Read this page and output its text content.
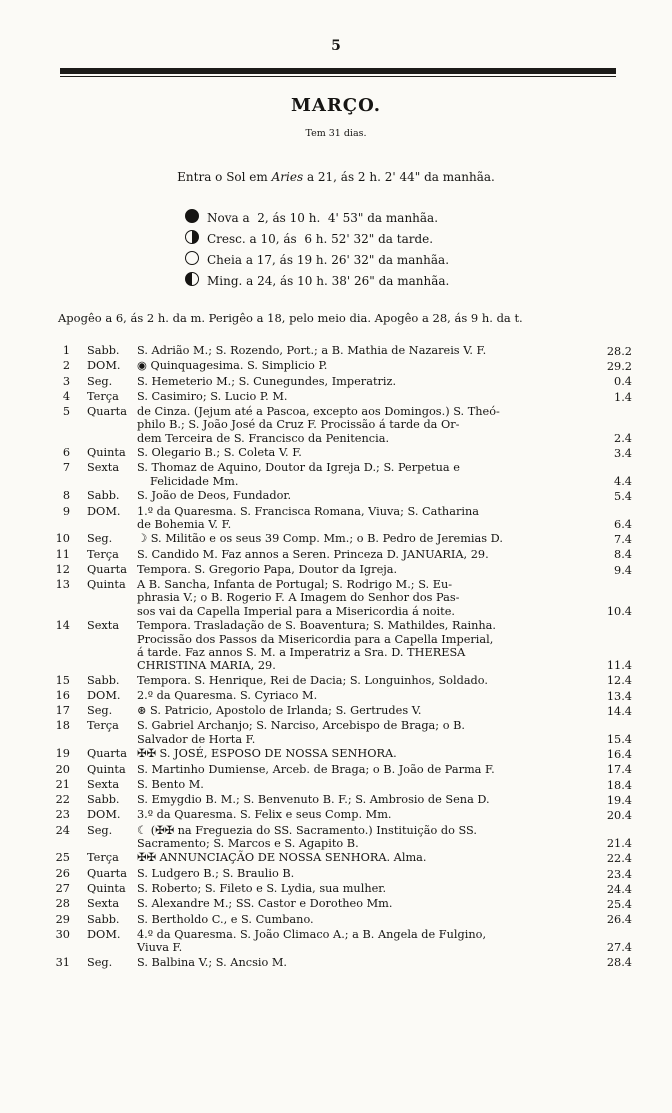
5
MARÇO.
Tem 31 dias.
Entra o Sol em Aries a 21, ás 2 h. 2' 44" da manhãa.
Nova a  2, ás 10 h.  4' 53" da manhãa.
Cresc. a 10, ás  6 h. 52' 32" da tarde.
Cheia a 17, ás 19 h. 26' 32" da manhãa.
Ming. a 24, ás 10 h. 38' 26" da manhãa.
Apogêo a 6, ás 2 h. da m. Perigêo a 18, pelo meio dia. Apogêo a 28, ás 9 h. da t.
1	Sabb.	S. Adrião M.; S. Rozendo, Port.; a B. Mathia de Nazareis V. F.	28.2
2	DOM.	◉ Quinquagesima. S. Simplicio P.	29.2
3	Seg.	S. Hemeterio M.; S. Cunegundes, Imperatriz.	0.4
4	Terça	S. Casimiro; S. Lucio P. M.	1.4
5	Quarta de Cinza. (Jejum até a Pascoa, excepto aos Domingos.) S. Theó-
philo B.; S. João José da Cruz F. Procissão á tarde da Or-
dem Terceira de S. Francisco da Penitencia.	2.4
6	Quinta S. Olegario B.; S. Coleta V. F.	3.4
7	Sexta	S. Thomaz de Aquino, Doutor da Igreja D.; S. Perpetua e
Felicidade Mm.	4.4
8	Sabb.	S. João de Deos, Fundador.	5.4
9	DOM.	1.º da Quaresma. S. Francisca Romana, Viuva; S. Catharina
de Bohemia V. F.	6.4
10	Seg.	☽ S. Militão e os seus 39 Comp. Mm.; o B. Pedro de Jeremias D.	7.4
11	Terça	S. Candido M. Faz annos a Seren. Princeza D. JANUARIA, 29.	8.4
12	Quarta Tempora. S. Gregorio Papa, Doutor da Igreja.	9.4
13	Quinta A B. Sancha, Infanta de Portugal; S. Rodrigo M.; S. Eu-
phrasia V.; o B. Rogerio F. A Imagem do Senhor dos Pas-
sos vai da Capella Imperial para a Misericordia á noite.	10.4
14	Sexta	Tempora. Trasladação de S. Boaventura; S. Mathildes, Rainha.
Procissão dos Passos da Misericordia para a Capella Imperial,
á tarde. Faz annos S. M. a Imperatriz a Sra. D. THERESA
CHRISTINA MARIA, 29.	11.4
15	Sabb.	Tempora. S. Henrique, Rei de Dacia; S. Longuinhos, Soldado.	12.4
16	DOM.	2.º da Quaresma. S. Cyriaco M.	13.4
17	Seg.	⊛ S. Patricio, Apostolo de Irlanda; S. Gertrudes V.	14.4
18	Terça	S. Gabriel Archanjo; S. Narciso, Arcebispo de Braga; o B.
Salvador de Horta F.	15.4
19	Quarta ✠✠ S. JOSÉ, ESPOSO DE NOSSA SENHORA.	16.4
20	Quinta S. Martinho Dumiense, Arceb. de Braga; o B. João de Parma F.	17.4
21	Sexta	S. Bento M.	18.4
22	Sabb.	S. Emygdio B. M.; S. Benvenuto B. F.; S. Ambrosio de Sena D.	19.4
23	DOM.	3.º da Quaresma. S. Felix e seus Comp. Mm.	20.4
24	Seg.	☾ (✠✠ na Freguezia do SS. Sacramento.) Instituição do SS.
Sacramento; S. Marcos e S. Agapito B.	21.4
25	Terça	✠✠ ANNUNCIAÇÃO DE NOSSA SENHORA. Alma.	22.4
26	Quarta S. Ludgero B.; S. Braulio B.	23.4
27	Quinta S. Roberto; S. Fileto e S. Lydia, sua mulher.	24.4
28	Sexta	S. Alexandre M.; SS. Castor e Dorotheo Mm.	25.4
29	Sabb.	S. Bertholdo C., e S. Cumbano.	26.4
30	DOM.	4.º da Quaresma. S. João Climaco A.; a B. Angela de Fulgino,
Viuva F.	27.4
31	Seg.	S. Balbina V.; S. Ancsio M.	28.4
